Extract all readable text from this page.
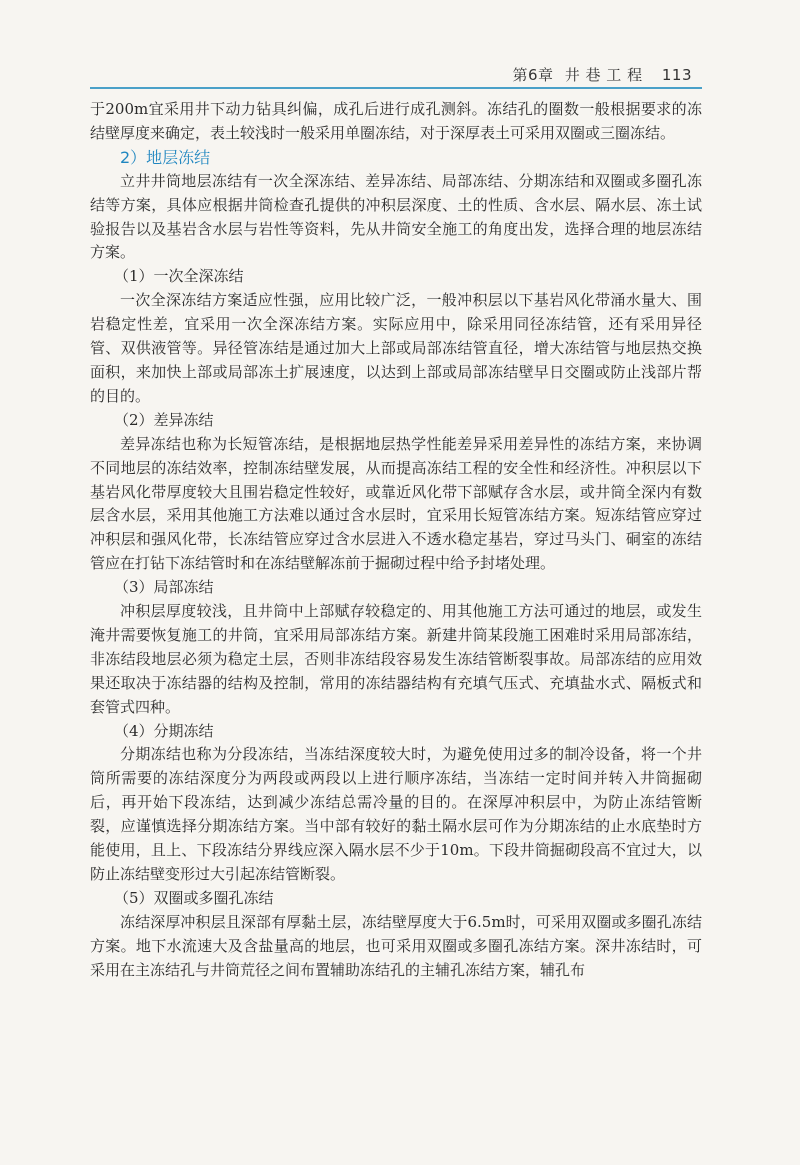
第6章 井 巷 工 程 113

于200m宜采用井下动力钻具纠偏，成孔后进行成孔测斜。冻结孔的圈数一般根据要求的冻结壁厚度来确定，表土较浅时一般采用单圈冻结，对于深厚表土可采用双圈或三圈冻结。

2）地层冻结

立井井筒地层冻结有一次全深冻结、差异冻结、局部冻结、分期冻结和双圈或多圈孔冻结等方案，具体应根据井筒检查孔提供的冲积层深度、土的性质、含水层、隔水层、冻土试验报告以及基岩含水层与岩性等资料，先从井筒安全施工的角度出发，选择合理的地层冻结方案。

（1）一次全深冻结

一次全深冻结方案适应性强，应用比较广泛，一般冲积层以下基岩风化带涌水量大、围岩稳定性差，宜采用一次全深冻结方案。实际应用中，除采用同径冻结管，还有采用异径管、双供液管等。异径管冻结是通过加大上部或局部冻结管直径，增大冻结管与地层热交换面积，来加快上部或局部冻土扩展速度，以达到上部或局部冻结壁早日交圈或防止浅部片帮的目的。

（2）差异冻结

差异冻结也称为长短管冻结，是根据地层热学性能差异采用差异性的冻结方案，来协调不同地层的冻结效率，控制冻结壁发展，从而提高冻结工程的安全性和经济性。冲积层以下基岩风化带厚度较大且围岩稳定性较好，或靠近风化带下部赋存含水层，或井筒全深内有数层含水层，采用其他施工方法难以通过含水层时，宜采用长短管冻结方案。短冻结管应穿过冲积层和强风化带，长冻结管应穿过含水层进入不透水稳定基岩，穿过马头门、硐室的冻结管应在打钻下冻结管时和在冻结壁解冻前于掘砌过程中给予封堵处理。

（3）局部冻结

冲积层厚度较浅，且井筒中上部赋存较稳定的、用其他施工方法可通过的地层，或发生淹井需要恢复施工的井筒，宜采用局部冻结方案。新建井筒某段施工困难时采用局部冻结，非冻结段地层必须为稳定土层，否则非冻结段容易发生冻结管断裂事故。局部冻结的应用效果还取决于冻结器的结构及控制，常用的冻结器结构有充填气压式、充填盐水式、隔板式和套管式四种。

（4）分期冻结

分期冻结也称为分段冻结，当冻结深度较大时，为避免使用过多的制冷设备，将一个井筒所需要的冻结深度分为两段或两段以上进行顺序冻结，当冻结一定时间并转入井筒掘砌后，再开始下段冻结，达到减少冻结总需冷量的目的。在深厚冲积层中，为防止冻结管断裂，应谨慎选择分期冻结方案。当中部有较好的黏土隔水层可作为分期冻结的止水底垫时方能使用，且上、下段冻结分界线应深入隔水层不少于10m。下段井筒掘砌段高不宜过大，以防止冻结壁变形过大引起冻结管断裂。

（5）双圈或多圈孔冻结

冻结深厚冲积层且深部有厚黏土层，冻结壁厚度大于6.5m时，可采用双圈或多圈孔冻结方案。地下水流速大及含盐量高的地层，也可采用双圈或多圈孔冻结方案。深井冻结时，可采用在主冻结孔与井筒荒径之间布置辅助冻结孔的主辅孔冻结方案，辅孔布
